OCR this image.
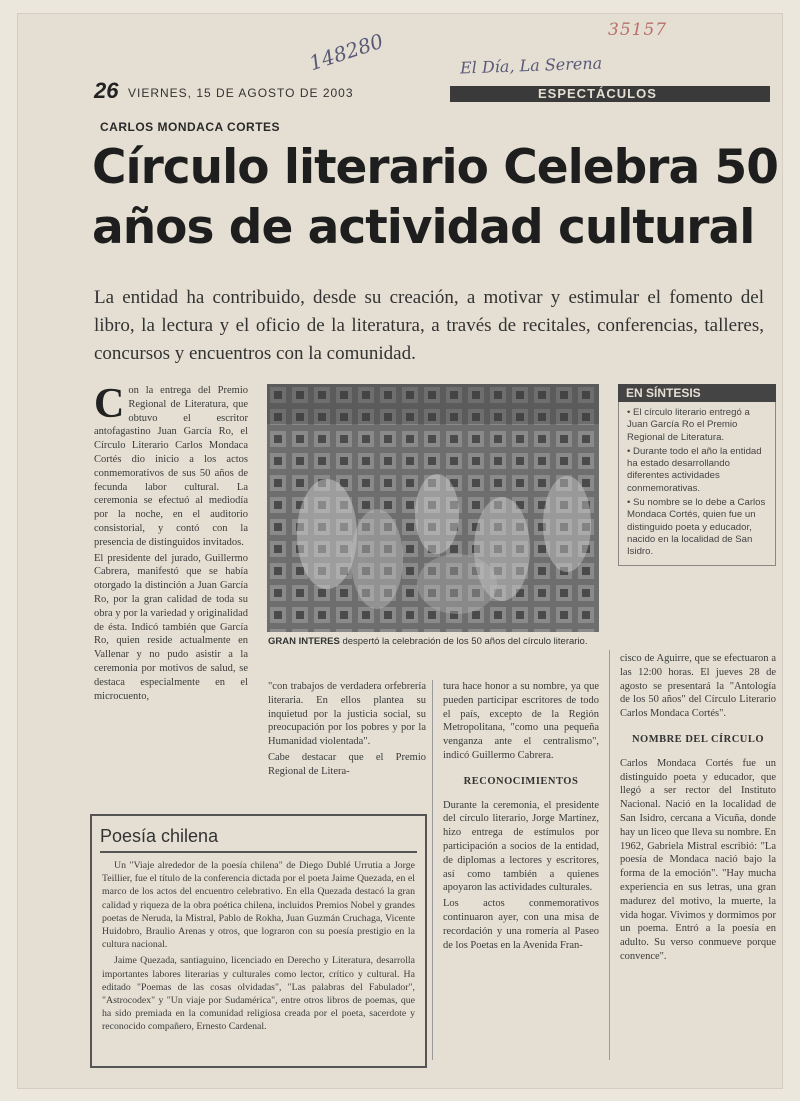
35157
148280	El Día, La Serena
26 VIERNES, 15 DE AGOSTO DE 2003	ESPECTÁCULOS
CARLOS MONDACA CORTES
Círculo literario Celebra 50 años de actividad cultural

La entidad ha contribuido, desde su creación, a motivar y estimular el fomento del libro, la lectura y el oficio de la literatura, a través de recitales, conferencias, talleres, concursos y encuentros con la comunidad.

Con la entrega del Premio Regional de Literatura, que obtuvo el escritor antofagastino Juan García Ro, el Círculo Literario Carlos Mondaca Cortés dio inicio a los actos conmemorativos de sus 50 años de fecunda labor cultural. La ceremonia se efectuó al mediodía por la noche, en el auditorio consistorial, y contó con la presencia de distinguidos invitados.

El presidente del jurado, Guillermo Cabrera, manifestó que se había otorgado la distinción a Juan García Ro, por la gran calidad de toda su obra y por la variedad y originalidad de ésta. Indicó también que García Ro, quien reside actualmente en Vallenar y no pudo asistir a la ceremonia por motivos de salud, se destaca especialmente en el microcuento,

GRAN INTERES despertó la celebración de los 50 años del círculo literario.
EN SÍNTESIS

• El círculo literario entregó a Juan García Ro el Premio Regional de Literatura.

• Durante todo el año la entidad ha estado desarrollando diferentes actividades conmemorativas.

• Su nombre se lo debe a Carlos Mondaca Cortés, quien fue un distinguido poeta y educador, nacido en la localidad de San Isidro.

"con trabajos de verdadera orfebrería literaria. En ellos plantea su inquietud por la justicia social, su preocupación por los pobres y por la Humanidad violentada".

Cabe destacar que el Premio Regional de Litera-

tura hace honor a su nombre, ya que pueden participar escritores de todo el país, excepto de la Región Metropolitana, "como una pequeña venganza ante el centralismo", indicó Guillermo Cabrera.

RECONOCIMIENTOS

Durante la ceremonia, el presidente del círculo literario, Jorge Martínez, hizo entrega de estímulos por participación a socios de la entidad, de diplomas a lectores y escritores, así como también a quienes apoyaron las actividades culturales.

Los actos conmemorativos continuaron ayer, con una misa de recordación y una romería al Paseo de los Poetas en la Avenida Fran-

cisco de Aguirre, que se efectuaron a las 12:00 horas. El jueves 28 de agosto se presentará la "Antología de los 50 años" del Círculo Literario Carlos Mondaca Cortés".

NOMBRE DEL CÍRCULO

Carlos Mondaca Cortés fue un distinguido poeta y educador, que llegó a ser rector del Instituto Nacional. Nació en la localidad de San Isidro, cercana a Vicuña, donde hay un liceo que lleva su nombre. En 1962, Gabriela Mistral escribió: "La poesía de Mondaca nació bajo la forma de la emoción". "Hay mucha experiencia en sus letras, una gran madurez del motivo, la muerte, la vida hogar. Vivimos y dormimos por un poema. Entró a la poesía en adulto. Su verso conmueve porque convence".

Poesía chilena

Un "Viaje alrededor de la poesía chilena" de Diego Dublé Urrutia a Jorge Teillier, fue el título de la conferencia dictada por el poeta Jaime Quezada, en el marco de los actos del encuentro celebrativo. En ella Quezada destacó la gran calidad y riqueza de la obra poética chilena, incluidos Premios Nobel y grandes poetas de Neruda, la Mistral, Pablo de Rokha, Juan Guzmán Cruchaga, Vicente Huidobro, Braulio Arenas y otros, que lograron con su poesía prestigio en la cultura nacional.

Jaime Quezada, santiaguino, licenciado en Derecho y Literatura, desarrolla importantes labores literarias y culturales como lector, crítico y cultural. Ha editado "Poemas de las cosas olvidadas", "Las palabras del Fabulador", "Astrocodex" y "Un viaje por Sudamérica", entre otros libros de poemas, que ha sido premiada en la comunidad religiosa creada por el poeta, sacerdote y reconocido compañero, Ernesto Cardenal.
